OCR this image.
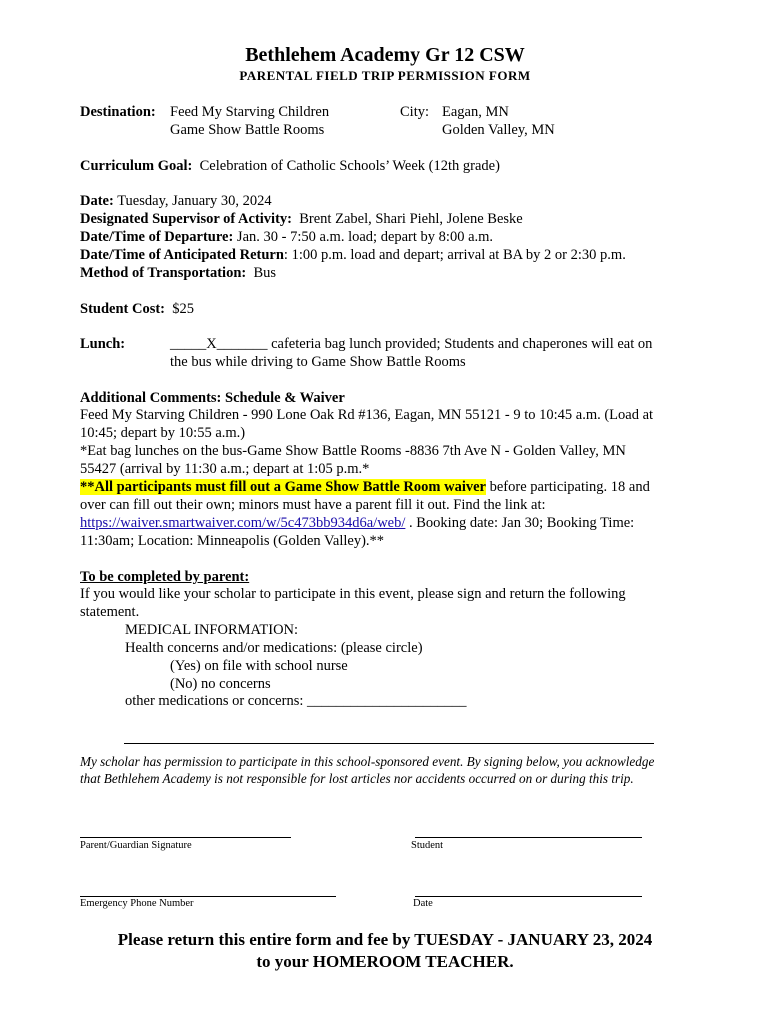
Bethlehem Academy Gr 12 CSW
PARENTAL FIELD TRIP PERMISSION FORM
Destination: Feed My Starving Children
Game Show Battle Rooms
City: Eagan, MN
Golden Valley, MN
Curriculum Goal: Celebration of Catholic Schools’ Week (12th grade)
Date: Tuesday, January 30, 2024
Designated Supervisor of Activity: Brent Zabel, Shari Piehl, Jolene Beske
Date/Time of Departure: Jan. 30 - 7:50 a.m. load; depart by 8:00 a.m.
Date/Time of Anticipated Return: 1:00 p.m. load and depart; arrival at BA by 2 or 2:30 p.m.
Method of Transportation: Bus
Student Cost: $25
Lunch:	_____X_______ cafeteria bag lunch provided; Students and chaperones will eat on
the bus while driving to Game Show Battle Rooms
Additional Comments: Schedule & Waiver
Feed My Starving Children - 990 Lone Oak Rd #136, Eagan, MN 55121 - 9 to 10:45 a.m. (Load at
10:45; depart by 10:55 a.m.)
*Eat bag lunches on the bus-Game Show Battle Rooms -8836 7th Ave N - Golden Valley, MN
55427 (arrival by 11:30 a.m.; depart at 1:05 p.m.*
**All participants must fill out a Game Show Battle Room waiver before participating. 18 and
over can fill out their own; minors must have a parent fill it out. Find the link at:
https://waiver.smartwaiver.com/w/5c473bb934d6a/web/ . Booking date: Jan 30; Booking Time:
11:30am; Location: Minneapolis (Golden Valley).**
To be completed by parent:
If you would like your scholar to participate in this event, please sign and return the following
statement.
MEDICAL INFORMATION:
Health concerns and/or medications: (please circle)
(Yes) on file with school nurse
(No) no concerns
other medications or concerns: ______________________
My scholar has permission to participate in this school-sponsored event. By signing below, you acknowledge
that Bethlehem Academy is not responsible for lost articles nor accidents occurred on or during this trip.
Parent/Guardian Signature	Student
Emergency Phone Number	Date
Please return this entire form and fee by TUESDAY - JANUARY 23, 2024
to your HOMEROOM TEACHER.
